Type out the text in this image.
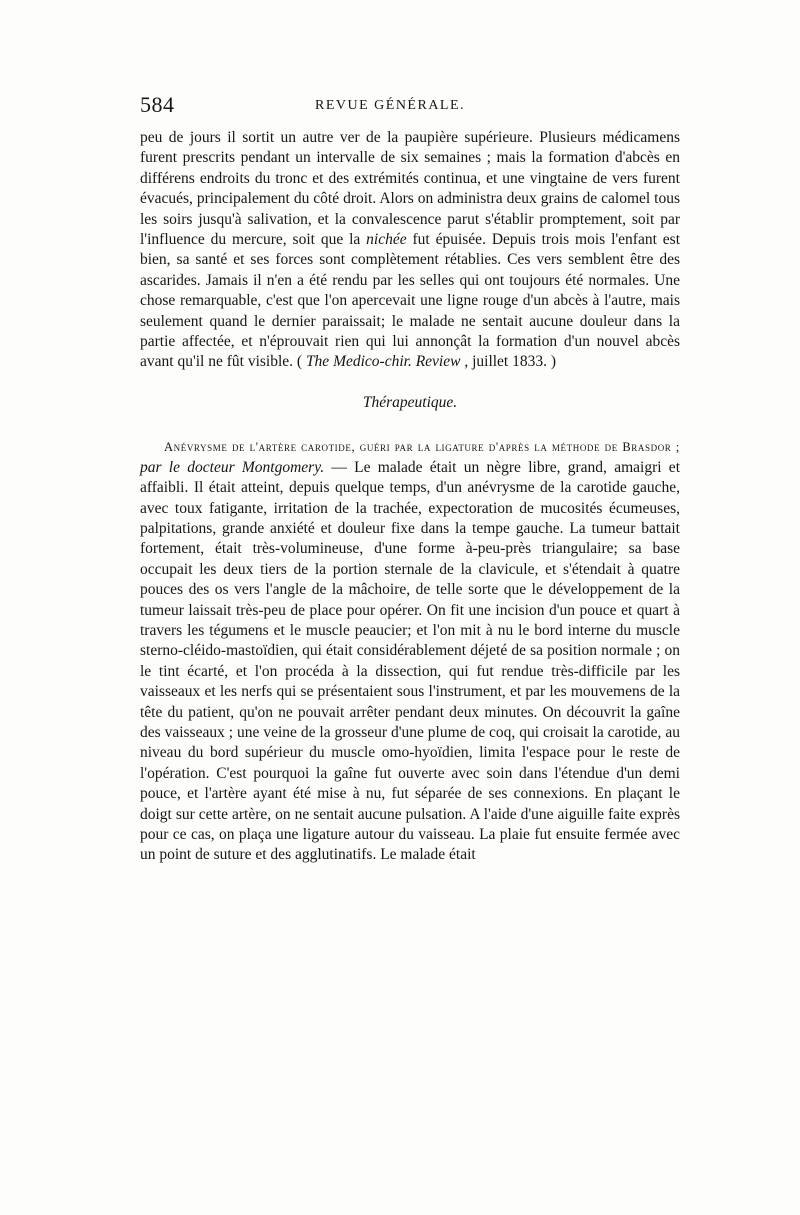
584	REVUE GÉNÉRALE.

peu de jours il sortit un autre ver de la paupière supérieure. Plusieurs médicamens furent prescrits pendant un intervalle de six semaines ; mais la formation d'abcès en différens endroits du tronc et des extrémités continua, et une vingtaine de vers furent évacués, principalement du côté droit. Alors on administra deux grains de calomel tous les soirs jusqu'à salivation, et la convalescence parut s'établir promptement, soit par l'influence du mercure, soit que la nichée fut épuisée. Depuis trois mois l'enfant est bien, sa santé et ses forces sont complètement rétablies. Ces vers semblent être des ascarides. Jamais il n'en a été rendu par les selles qui ont toujours été normales. Une chose remarquable, c'est que l'on apercevait une ligne rouge d'un abcès à l'autre, mais seulement quand le dernier paraissait; le malade ne sentait aucune douleur dans la partie affectée, et n'éprouvait rien qui lui annonçât la formation d'un nouvel abcès avant qu'il ne fût visible. ( The Medico-chir. Review , juillet 1833. )

Thérapeutique.

Anévrysme de l'artère carotide, guéri par la ligature d'après la méthode de Brasdor ; par le docteur Montgomery. — Le malade était un nègre libre, grand, amaigri et affaibli. Il était atteint, depuis quelque temps, d'un anévrysme de la carotide gauche, avec toux fatigante, irritation de la trachée, expectoration de mucosités écumeuses, palpitations, grande anxiété et douleur fixe dans la tempe gauche. La tumeur battait fortement, était très-volumineuse, d'une forme à-peu-près triangulaire; sa base occupait les deux tiers de la portion sternale de la clavicule, et s'étendait à quatre pouces des os vers l'angle de la mâchoire, de telle sorte que le développement de la tumeur laissait très-peu de place pour opérer. On fit une incision d'un pouce et quart à travers les tégumens et le muscle peaucier; et l'on mit à nu le bord interne du muscle sterno-cléido-mastoïdien, qui était considérablement déjeté de sa position normale ; on le tint écarté, et l'on procéda à la dissection, qui fut rendue très-difficile par les vaisseaux et les nerfs qui se présentaient sous l'instrument, et par les mouvemens de la tête du patient, qu'on ne pouvait arrêter pendant deux minutes. On découvrit la gaîne des vaisseaux ; une veine de la grosseur d'une plume de coq, qui croisait la carotide, au niveau du bord supérieur du muscle omo-hyoïdien, limita l'espace pour le reste de l'opération. C'est pourquoi la gaîne fut ouverte avec soin dans l'étendue d'un demi pouce, et l'artère ayant été mise à nu, fut séparée de ses connexions. En plaçant le doigt sur cette artère, on ne sentait aucune pulsation. A l'aide d'une aiguille faite exprès pour ce cas, on plaça une ligature autour du vaisseau. La plaie fut ensuite fermée avec un point de suture et des agglutinatifs. Le malade était
